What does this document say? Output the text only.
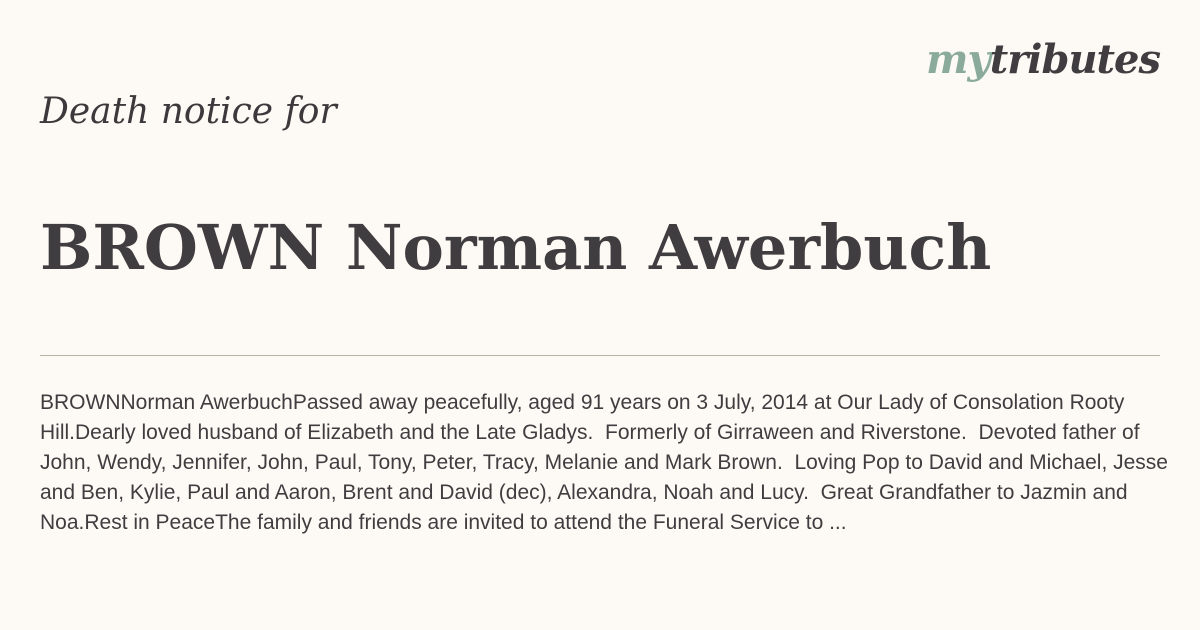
Death notice for
mytributes
BROWN Norman Awerbuch
BROWNNorman AwerbuchPassed away peacefully, aged 91 years on 3 July, 2014 at Our Lady of Consolation Rooty Hill.Dearly loved husband of Elizabeth and the Late Gladys.  Formerly of Girraween and Riverstone.  Devoted father of John, Wendy, Jennifer, John, Paul, Tony, Peter, Tracy, Melanie and Mark Brown.  Loving Pop to David and Michael, Jesse and Ben, Kylie, Paul and Aaron, Brent and David (dec), Alexandra, Noah and Lucy.  Great Grandfather to Jazmin and Noa.Rest in PeaceThe family and friends are invited to attend the Funeral Service to ...
